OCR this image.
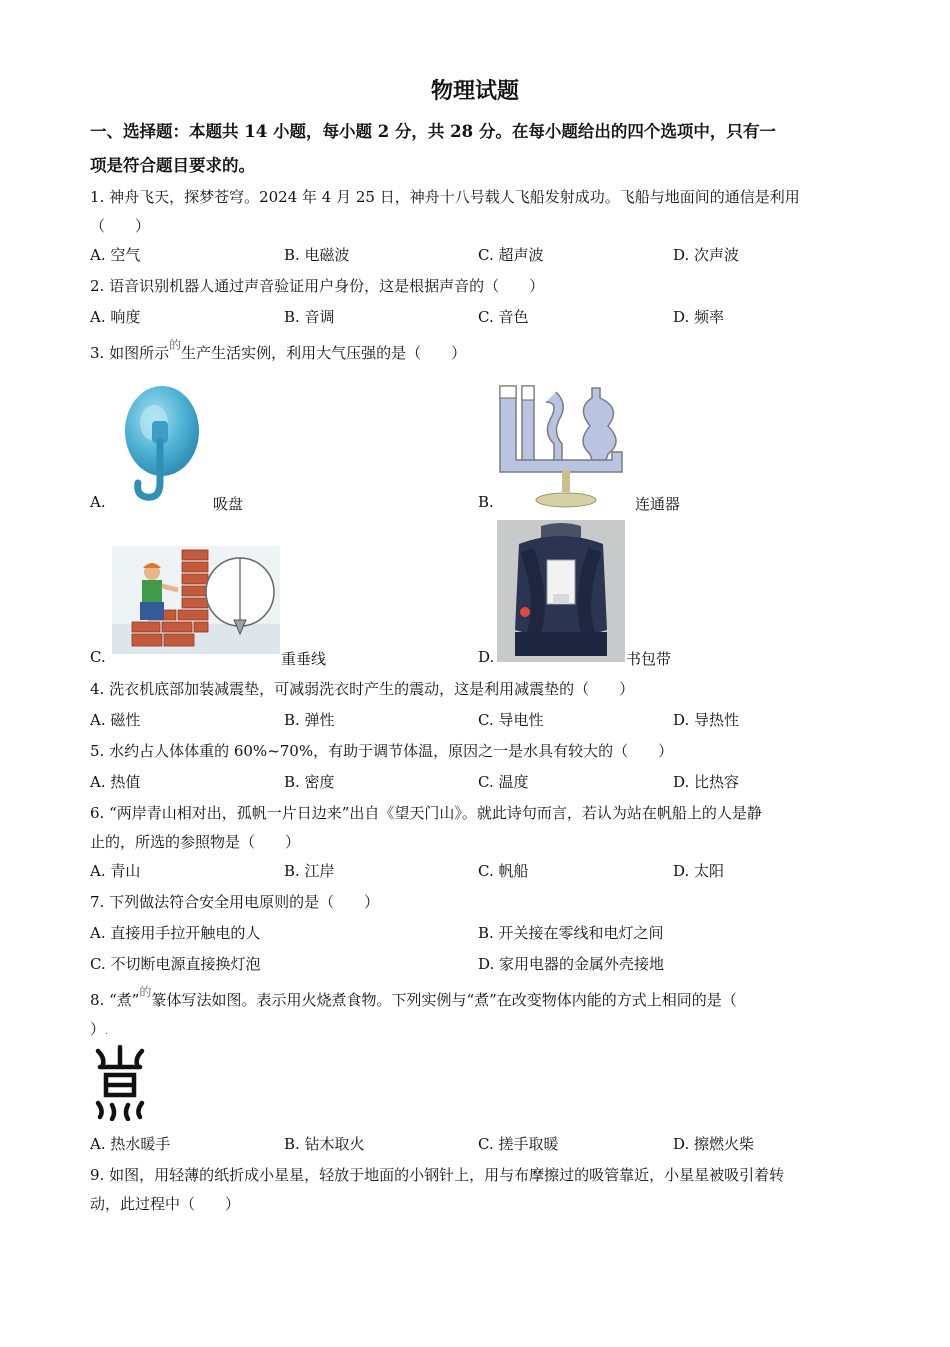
物理试题
一、选择题：本题共 14 小题，每小题 2 分，共 28 分。在每小题给出的四个选项中，只有一
项是符合题目要求的。
1. 神舟飞天，探梦苍穹。2024 年 4 月 25 日，神舟十八号载人飞船发射成功。飞船与地面间的通信是利用
（　　）
A. 空气	B. 电磁波	C. 超声波	D. 次声波
2. 语音识别机器人通过声音验证用户身份，这是根据声音的（　　）
A. 响度	B. 音调	C. 音色	D. 频率
3. 如图所示$^的$生产生活实例，利用大气压强的是（　　）
A.	吸盘	B.	连通器
C.	重垂线	D.	书包带
4. 洗衣机底部加装减震垫，可减弱洗衣时产生的震动，这是利用减震垫的（　　）
A. 磁性	B. 弹性	C. 导电性	D. 导热性
5. 水约占人体体重的 60%~70%，有助于调节体温，原因之一是水具有较大的（　　）
A. 热值	B. 密度	C. 温度	D. 比热容
6. “两岸青山相对出，孤帆一片日边来”出自《望天门山》。就此诗句而言，若认为站在帆船上的人是静
止的，所选的参照物是（　　）
A. 青山	B. 江岸	C. 帆船	D. 太阳
7. 下列做法符合安全用电原则的是（　　）
A. 直接用手拉开触电的人	B. 开关接在零线和电灯之间
C. 不切断电源直接换灯泡	D. 家用电器的金属外壳接地
8. “煮”$^的$篆体写法如图。表示用火烧煮食物。下列实例与“煮”在改变物体内能的方式上相同的是（
）.
A. 热水暖手	B. 钻木取火	C. 搓手取暖	D. 擦燃火柴
9. 如图，用轻薄的纸折成小星星，轻放于地面的小钢针上，用与布摩擦过的吸管靠近，小星星被吸引着转
动，此过程中（　　）
